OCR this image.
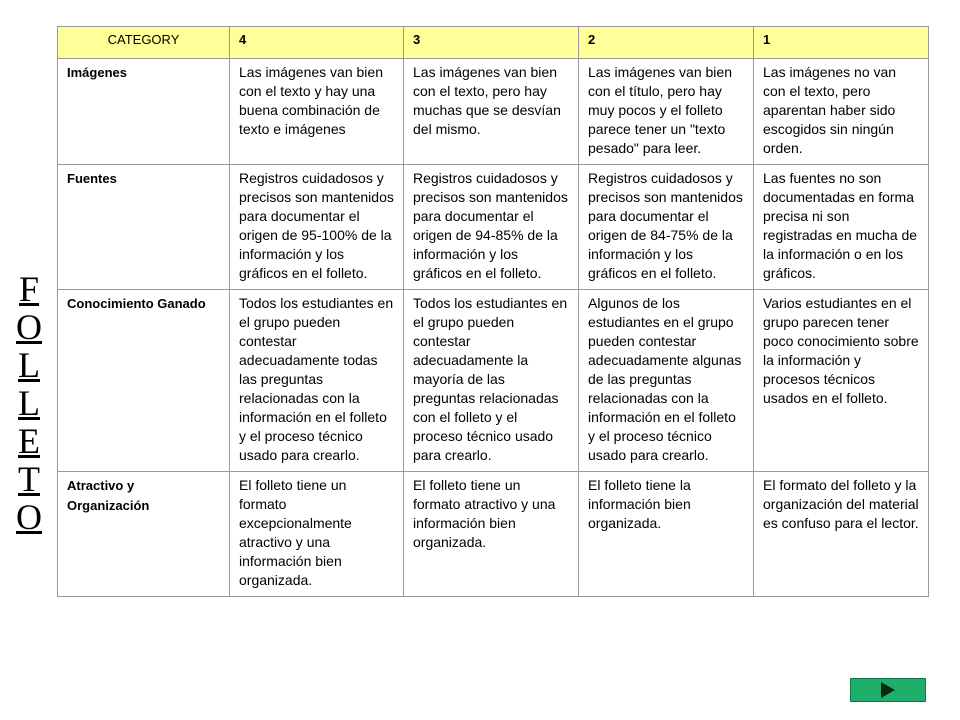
F
O
L
L
E
T
O
CATEGORY	4	3	2	1
Imágenes	Las imágenes van bien con el texto y hay una buena combinación de texto e imágenes	Las imágenes van bien con el texto, pero hay muchas que se desvían del mismo.	Las imágenes van bien con el título, pero hay muy pocos y el folleto parece tener un "texto pesado" para leer.	Las imágenes no van con el texto, pero aparentan haber sido escogidos sin ningún orden.
Fuentes	Registros cuidadosos y precisos son mantenidos para documentar el origen de 95-100% de la información y los gráficos en el folleto.	Registros cuidadosos y precisos son mantenidos para documentar el origen de 94-85% de la información y los gráficos en el folleto.	Registros cuidadosos y precisos son mantenidos para documentar el origen de 84-75% de la información y los gráficos en el folleto.	Las fuentes no son documentadas en forma precisa ni son registradas en mucha de la información o en los gráficos.
Conocimiento Ganado	Todos los estudiantes en el grupo pueden contestar adecuadamente todas las preguntas relacionadas con la información en el folleto y el proceso técnico usado para crearlo.	Todos los estudiantes en el grupo pueden contestar adecuadamente la mayoría de las preguntas relacionadas con el folleto y el proceso técnico usado para crearlo.	Algunos de los estudiantes en el grupo pueden contestar adecuadamente algunas de las preguntas relacionadas con la información en el folleto y el proceso técnico usado para crearlo.	Varios estudiantes en el grupo parecen tener poco conocimiento sobre la información y procesos técnicos usados en el folleto.
Atractivo y Organización	El folleto tiene un formato excepcionalmente atractivo y una información bien organizada.	El folleto tiene un formato atractivo y una información bien organizada.	El folleto tiene la información bien organizada.	El formato del folleto y la organización del material es confuso para el lector.
